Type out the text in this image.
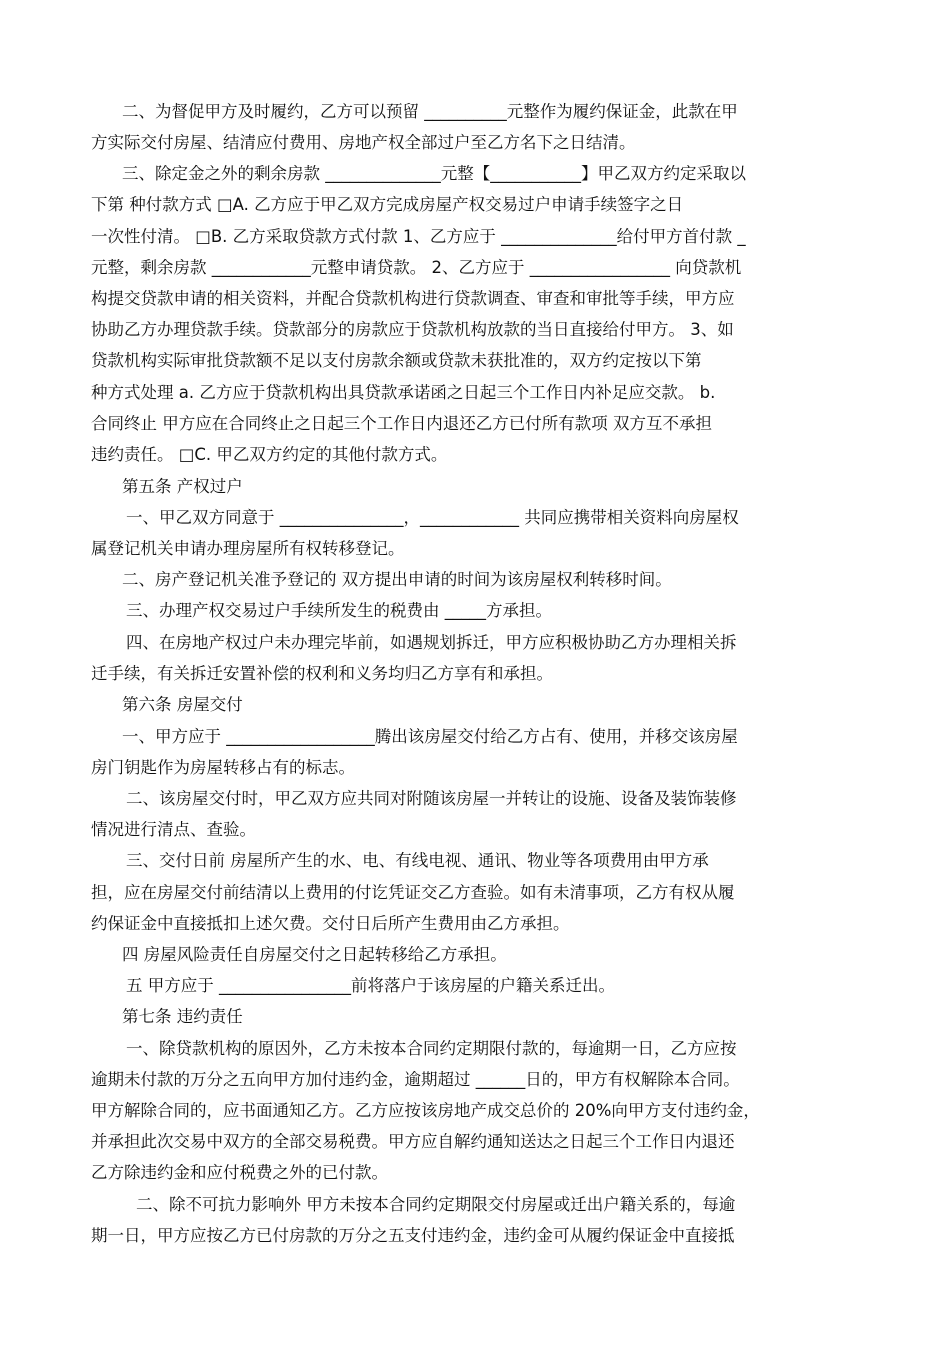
二、为督促甲方及时履约，乙方可以预留 __________元整作为履约保证金，此款在甲
方实际交付房屋、结清应付费用、房地产权全部过户至乙方名下之日结清。
三、除定金之外的剩余房款 ______________元整【___________】甲乙双方约定采取以
下第 种付款方式 □A. 乙方应于甲乙双方完成房屋产权交易过户申请手续签字之日
一次性付清。 □B. 乙方采取贷款方式付款 1、乙方应于 ______________给付甲方首付款 _
元整，剩余房款 ____________元整申请贷款。 2、乙方应于 _________________ 向贷款机
构提交贷款申请的相关资料，并配合贷款机构进行贷款调查、审查和审批等手续，甲方应
协助乙方办理贷款手续。贷款部分的房款应于贷款机构放款的当日直接给付甲方。 3、如
贷款机构实际审批贷款额不足以支付房款余额或贷款未获批准的，双方约定按以下第
种方式处理 a. 乙方应于贷款机构出具贷款承诺函之日起三个工作日内补足应交款。 b.
合同终止 甲方应在合同终止之日起三个工作日内退还乙方已付所有款项 双方互不承担
违约责任。 □C. 甲乙双方约定的其他付款方式。
第五条 产权过户
一、甲乙双方同意于 _______________，____________ 共同应携带相关资料向房屋权
属登记机关申请办理房屋所有权转移登记。
二、房产登记机关准予登记的 双方提出申请的时间为该房屋权利转移时间。
三、办理产权交易过户手续所发生的税费由 _____方承担。
四、在房地产权过户未办理完毕前，如遇规划拆迁，甲方应积极协助乙方办理相关拆
迁手续，有关拆迁安置补偿的权利和义务均归乙方享有和承担。
第六条 房屋交付
一、甲方应于 __________________腾出该房屋交付给乙方占有、使用，并移交该房屋
房门钥匙作为房屋转移占有的标志。
二、该房屋交付时，甲乙双方应共同对附随该房屋一并转让的设施、设备及装饰装修
情况进行清点、查验。
三、交付日前 房屋所产生的水、电、有线电视、通讯、物业等各项费用由甲方承
担，应在房屋交付前结清以上费用的付讫凭证交乙方查验。如有未清事项，乙方有权从履
约保证金中直接抵扣上述欠费。交付日后所产生费用由乙方承担。
四 房屋风险责任自房屋交付之日起转移给乙方承担。
五 甲方应于 ________________前将落户于该房屋的户籍关系迁出。
第七条 违约责任
一、除贷款机构的原因外，乙方未按本合同约定期限付款的，每逾期一日，乙方应按
逾期未付款的万分之五向甲方加付违约金，逾期超过 ______日的，甲方有权解除本合同。
甲方解除合同的，应书面通知乙方。乙方应按该房地产成交总价的 20%向甲方支付违约金，
并承担此次交易中双方的全部交易税费。甲方应自解约通知送达之日起三个工作日内退还
乙方除违约金和应付税费之外的已付款。
二、除不可抗力影响外 甲方未按本合同约定期限交付房屋或迁出户籍关系的，每逾
期一日，甲方应按乙方已付房款的万分之五支付违约金，违约金可从履约保证金中直接抵
